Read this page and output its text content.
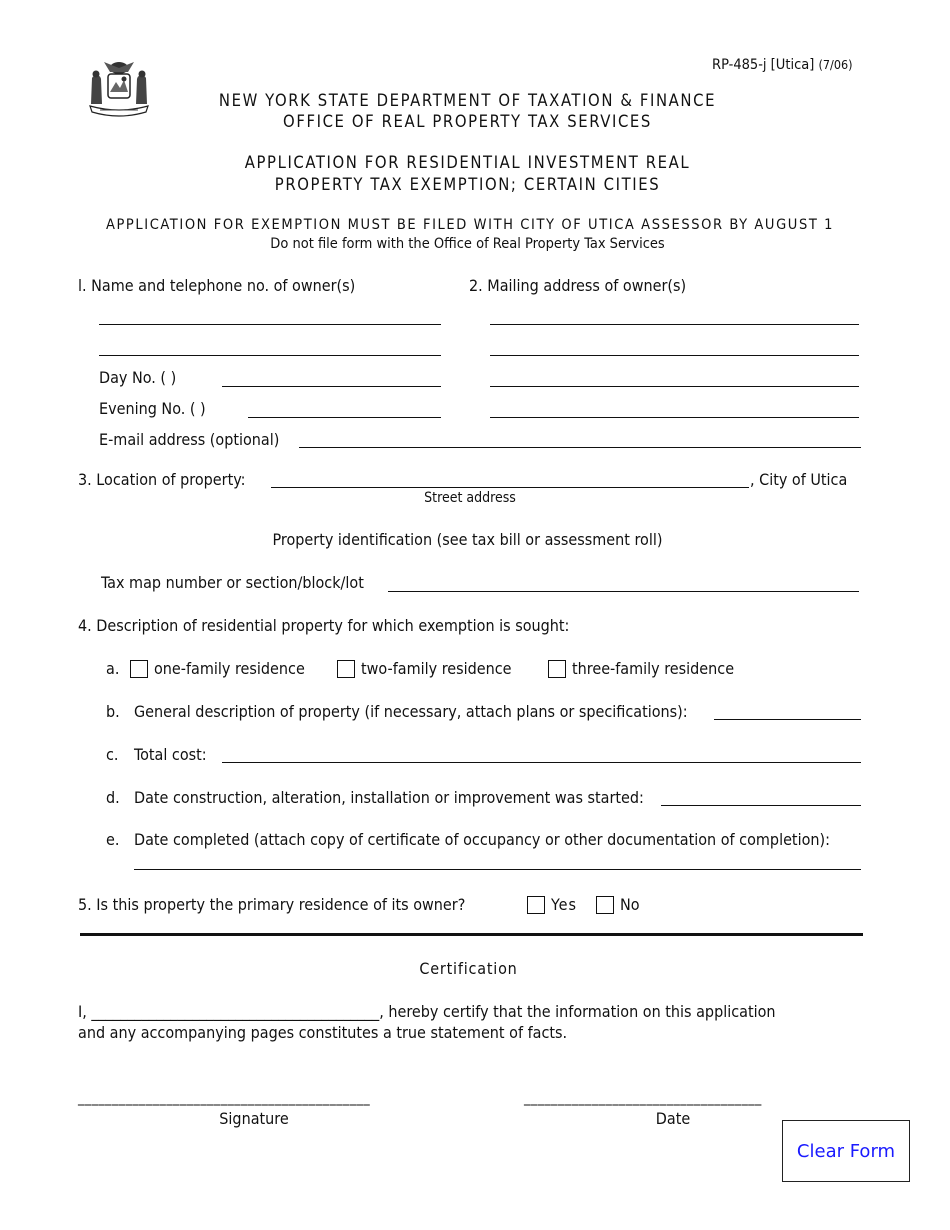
RP-485-j [Utica] (7/06)
NEW YORK STATE DEPARTMENT OF TAXATION & FINANCE
OFFICE OF REAL PROPERTY TAX SERVICES
APPLICATION FOR RESIDENTIAL INVESTMENT REAL
PROPERTY TAX EXEMPTION; CERTAIN CITIES
APPLICATION FOR EXEMPTION MUST BE FILED WITH CITY OF UTICA ASSESSOR BY AUGUST 1
Do not file form with the Office of Real Property Tax Services
l. Name and telephone no. of owner(s)
Day No. ( )
Evening No. ( )
E-mail address (optional)
2. Mailing address of owner(s)
3. Location of property:	, City of Utica
Street address
Property identification (see tax bill or assessment roll)
Tax map number or section/block/lot
4. Description of residential property for which exemption is sought:
a. one-family residence	two-family residence	three-family residence
b. General description of property (if necessary, attach plans or specifications):
c. Total cost:
d. Date construction, alteration, installation or improvement was started:
e. Date completed (attach copy of certificate of occupancy or other documentation of completion):
5. Is this property the primary residence of its owner?	Yes	No
Certification
I, ________________________________________, hereby certify that the information on this application
and any accompanying pages constitutes a true statement of facts.
___________________________________________	___________________________________
Signature	Date
Clear Form
